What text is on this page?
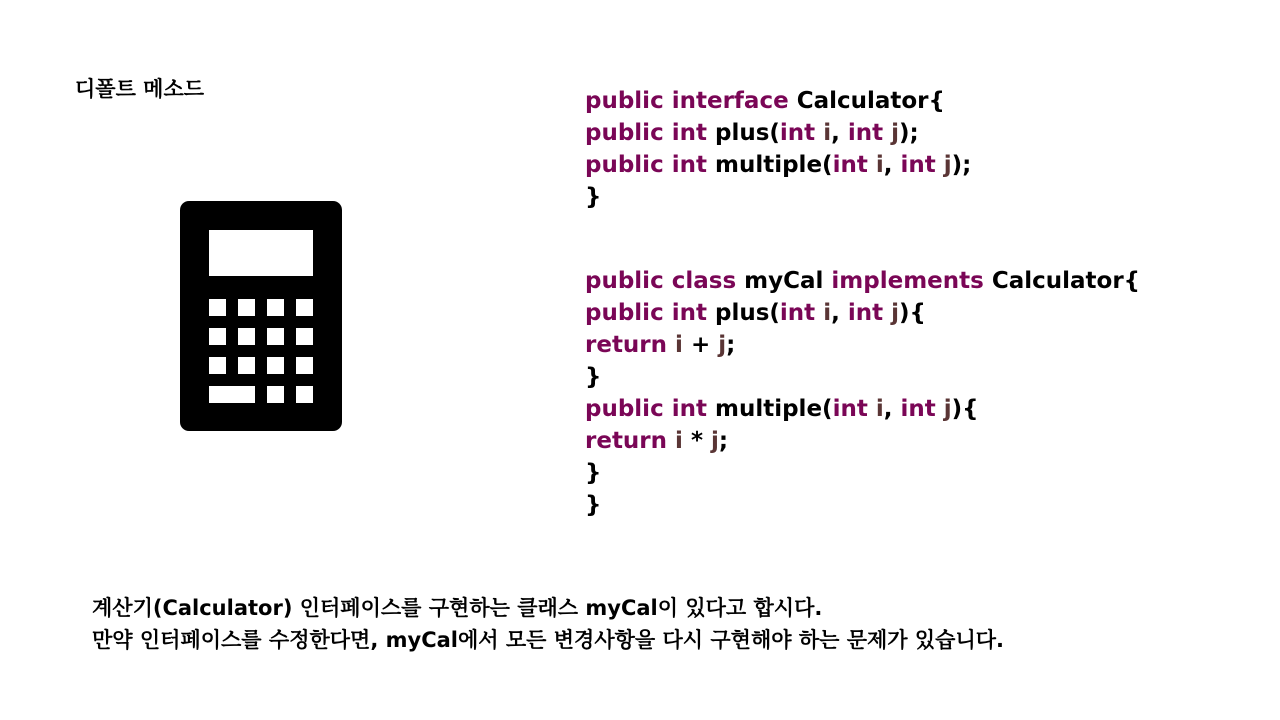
디폴트 메소드	public interface Calculator{
public int plus(int i, int j);
public int multiple(int i, int j);
}
public class myCal implements Calculator{
public int plus(int i, int j){
return i + j;
}
public int multiple(int i, int j){
return i * j;
}
}
계산기(Calculator) 인터페이스를 구현하는 클래스 myCal이 있다고 합시다.
만약 인터페이스를 수정한다면, myCal에서 모든 변경사항을 다시 구현해야 하는 문제가 있습니다.
